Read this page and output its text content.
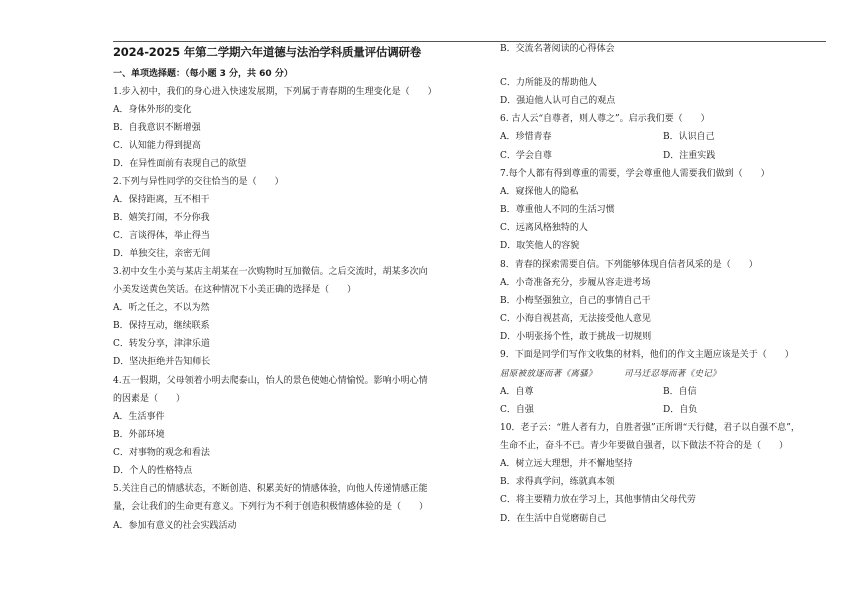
2024-2025 年第二学期六年道德与法治学科质量评估调研卷
一、单项选择题：（每小题 3 分，共 60 分）
1.步入初中，我们的身心进入快速发展期，下列属于青春期的生理变化是（　　）
A．身体外形的变化
B．自我意识不断增强
C．认知能力得到提高
D．在异性面前有表现自己的欲望
2.下列与异性同学的交往恰当的是（　　）
A．保持距离，互不相干
B．嬉笑打闹，不分你我
C．言谈得体，举止得当
D．单独交往，亲密无间
3.初中女生小美与某店主胡某在一次购物时互加微信。之后交流时，胡某多次向
小美发送黄色笑话。在这种情况下小美正确的选择是（　　）
A．听之任之，不以为然
B．保持互动，继续联系
C．转发分享，津津乐道
D．坚决拒绝并告知师长
4.五一假期，父母领着小明去爬泰山，怡人的景色使她心情愉悦。影响小明心情
的因素是（　　）
A．生活事件
B．外部环境
C．对事物的观念和看法
D．个人的性格特点
5.关注自己的情感状态，不断创造、积累美好的情感体验，向他人传递情感正能
量，会让我们的生命更有意义。下列行为不利于创造积极情感体验的是（　　）
A．参加有意义的社会实践活动
B．交流名著阅读的心得体会
C．力所能及的帮助他人
D．强迫他人认可自己的观点
6. 古人云“自尊者，则人尊之”。启示我们要（　　）
A．珍惜青春	B．认识自己
C．学会自尊	D．注重实践
7.每个人都有得到尊重的需要，学会尊重他人需要我们做到（　　）
A．窥探他人的隐私
B．尊重他人不同的生活习惯
C．远离风格独特的人
D．取笑他人的容貌
8．青春的探索需要自信。下列能够体现自信者风采的是（　　）
A．小奇准备充分，步履从容走进考场
B．小梅坚强独立，自己的事情自己干
C．小海自视甚高，无法接受他人意见
D．小明张扬个性，敢于挑战一切规则
9．下面是同学们写作文收集的材料，他们的作文主题应该是关于（　　）
屈原被放逐而著《离骚》	司马迁忍辱而著《史记》
A．自尊	B．自信
C．自强	D．自负
10．老子云：“胜人者有力，自胜者强”正所谓“天行健，君子以自强不息”，
生命不止，奋斗不已。青少年要做自强者，以下做法不符合的是（　　）
A．树立远大理想，并不懈地坚持
B．求得真学问，练就真本领
C．将主要精力放在学习上，其他事情由父母代劳
D．在生活中自觉磨砺自己
